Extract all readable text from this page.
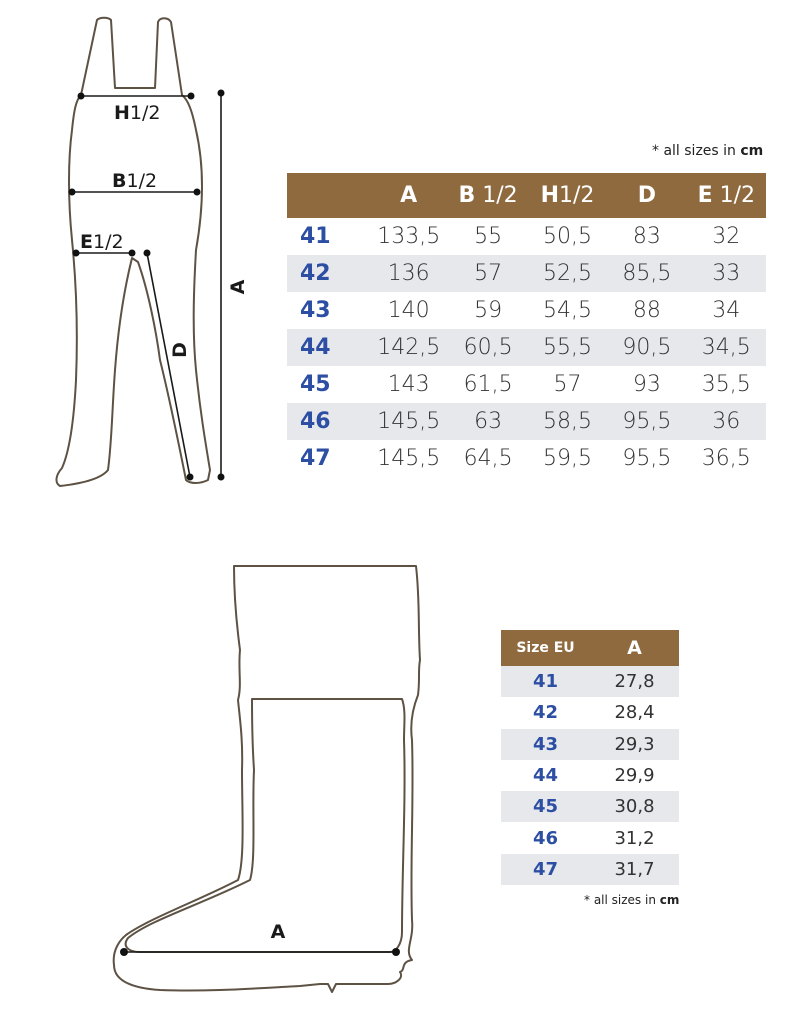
H1/2
B1/2
E1/2
D
A
* all sizes in cm
	A	B 1/2	H1/2	D	E 1/2
41	133,5	55	50,5	83	32
42	136	57	52,5	85,5	33
43	140	59	54,5	88	34
44	142,5	60,5	55,5	90,5	34,5
45	143	61,5	57	93	35,5
46	145,5	63	58,5	95,5	36
47	145,5	64,5	59,5	95,5	36,5
A
Size EU	A
41	27,8
42	28,4
43	29,3
44	29,9
45	30,8
46	31,2
47	31,7
* all sizes in cm
